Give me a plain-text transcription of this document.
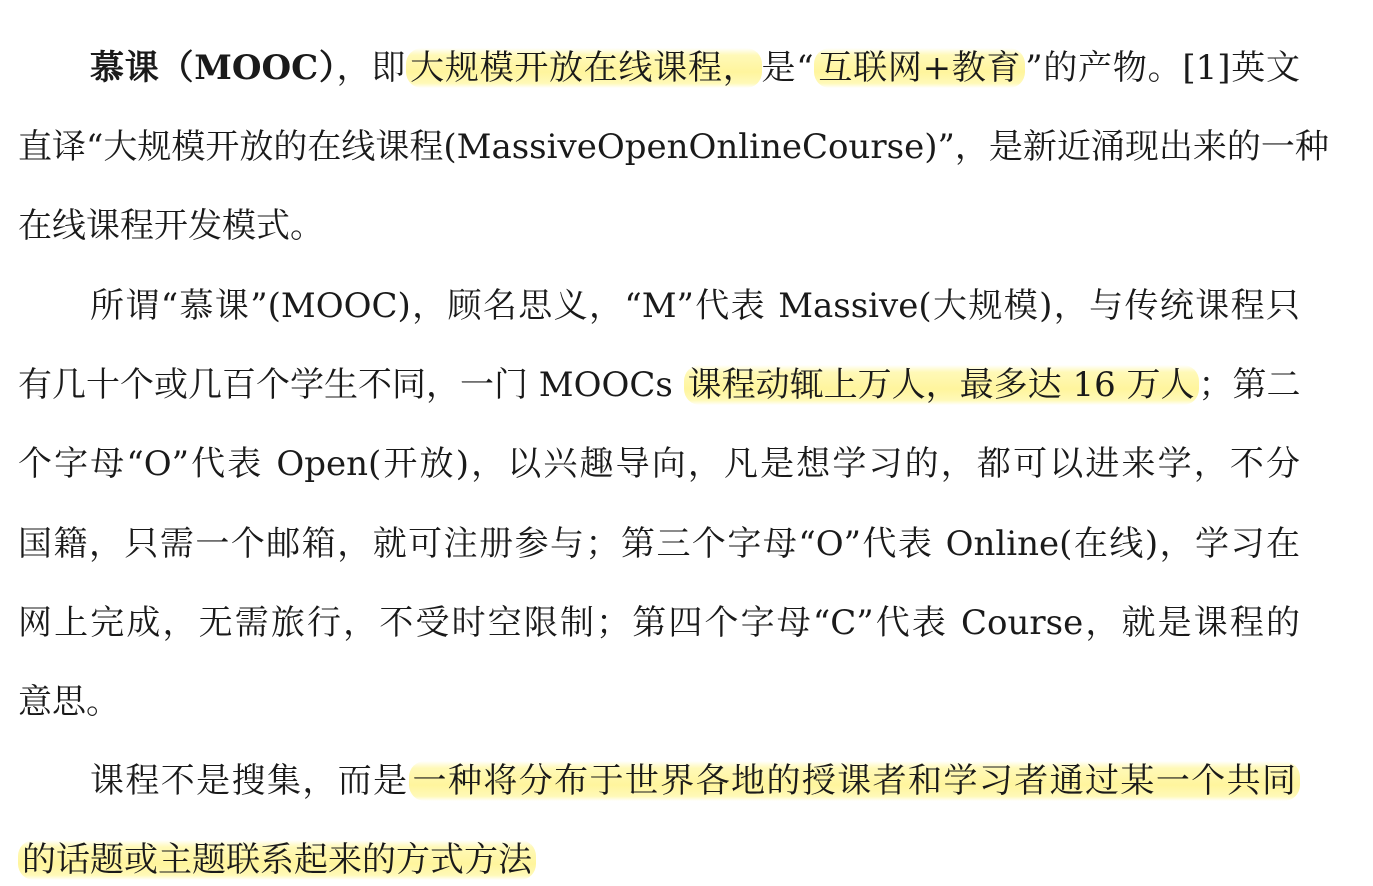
慕课（MOOC），即 大规模开放在线课程， 是“ 互联网+教育 ”的产物。[1]英文
直译“大规模开放的在线课程(MassiveOpenOnlineCourse)”，是新近涌现出来的一种
在线课程开发模式。
所谓“慕课”(MOOC)，顾名思义，“M”代表 Massive(大规模)，与传统课程只
有几十个或几百个学生不同，一门 MOOCs 课程动辄上万人，最多达 16 万人 ；第二
个字母“O”代表 Open(开放)，以兴趣导向，凡是想学习的，都可以进来学，不分
国籍，只需一个邮箱，就可注册参与；第三个字母“O”代表 Online(在线)，学习在
网上完成，无需旅行，不受时空限制；第四个字母“C”代表 Course，就是课程的
意思。
课程不是搜集，而是 一种将分布于世界各地的授课者和学习者通过某一个共同
的话题或主题联系起来的方式方法
